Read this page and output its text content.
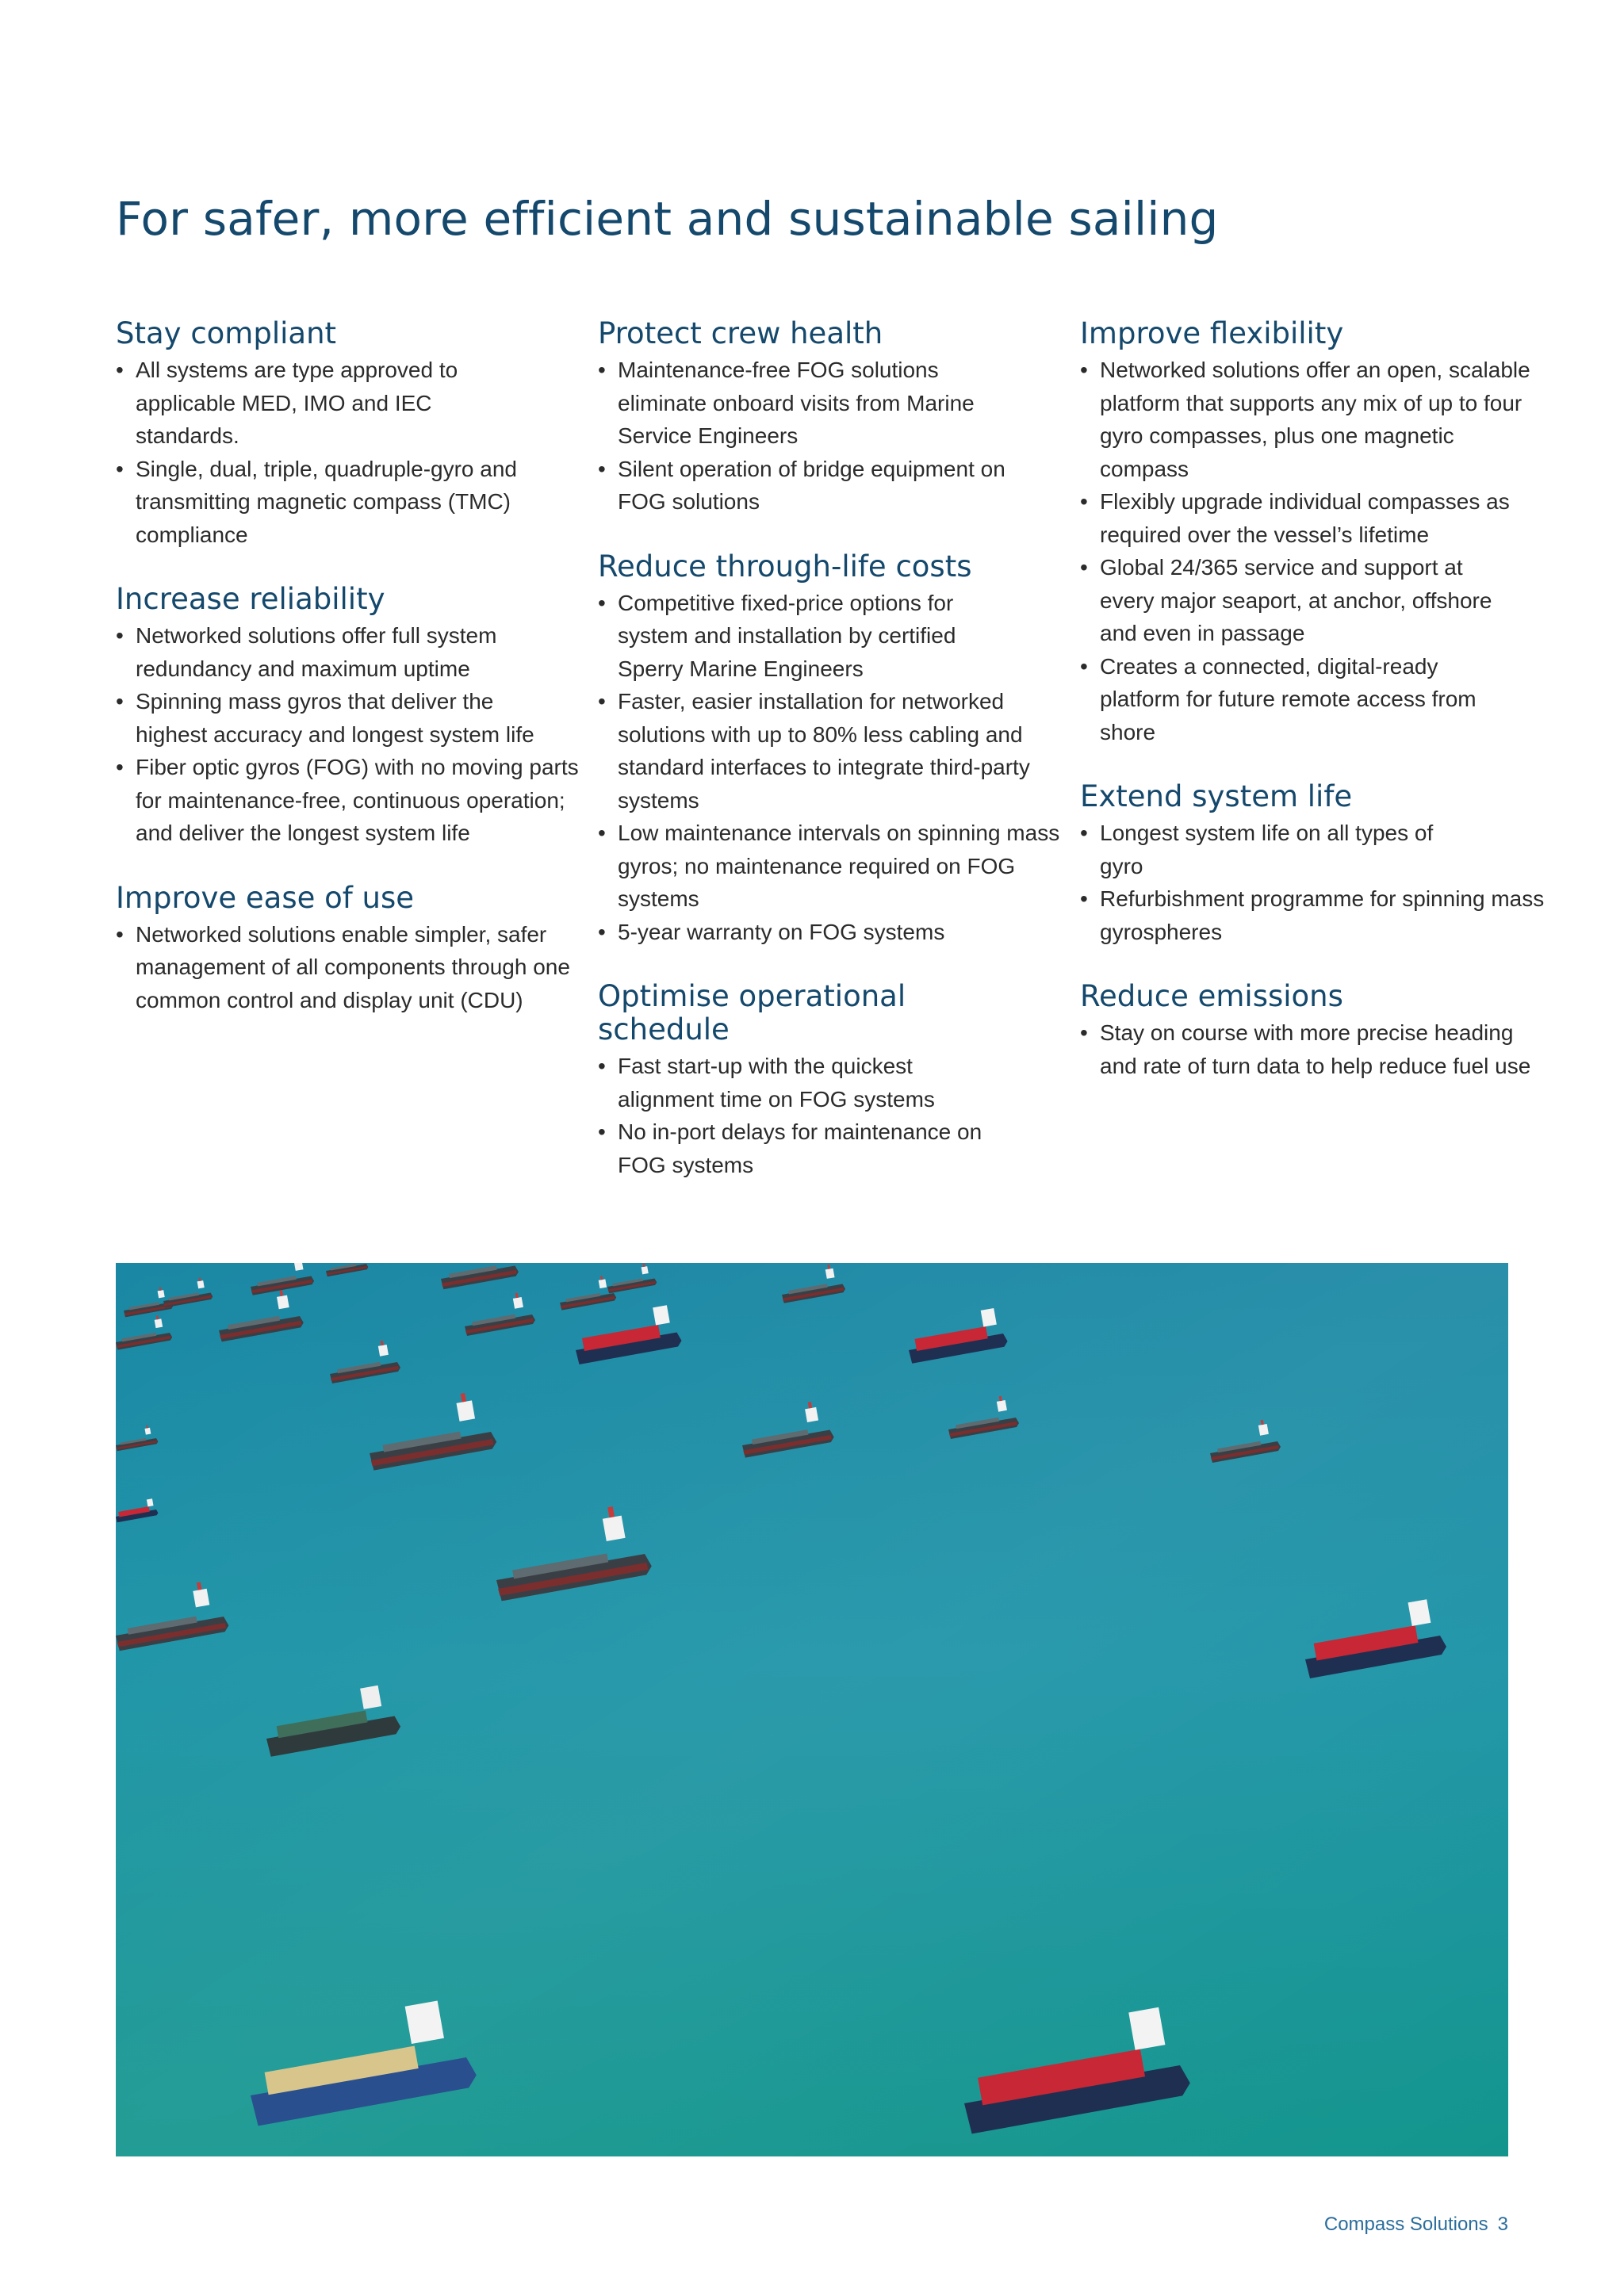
For safer, more efficient and sustainable sailing
Stay compliant
• All systems are type approved to applicable MED, IMO and IEC standards.
• Single, dual, triple, quadruple-gyro and transmitting magnetic compass (TMC) compliance
Increase reliability
• Networked solutions offer full system redundancy and maximum uptime
• Spinning mass gyros that deliver the highest accuracy and longest system life
• Fiber optic gyros (FOG) with no moving parts for maintenance-free, continuous operation; and deliver the longest system life
Improve ease of use
• Networked solutions enable simpler, safer management of all components through one common control and display unit (CDU)
Protect crew health
• Maintenance-free FOG solutions eliminate onboard visits from Marine Service Engineers
• Silent operation of bridge equipment on FOG solutions
Reduce through-life costs
• Competitive fixed-price options for system and installation by certified Sperry Marine Engineers
• Faster, easier installation for networked solutions with up to 80% less cabling and standard interfaces to integrate third-party systems
• Low maintenance intervals on spinning mass gyros; no maintenance required on FOG systems
• 5-year warranty on FOG systems
Optimise operational schedule
• Fast start-up with the quickest alignment time on FOG systems
• No in-port delays for maintenance on FOG systems
Improve flexibility
• Networked solutions offer an open, scalable platform that supports any mix of up to four gyro compasses, plus one magnetic compass
• Flexibly upgrade individual compasses as required over the vessel’s lifetime
• Global 24/365 service and support at every major seaport, at anchor, offshore and even in passage
• Creates a connected, digital-ready platform for future remote access from shore
Extend system life
• Longest system life on all types of gyro
• Refurbishment programme for spinning mass gyrospheres
Reduce emissions
• Stay on course with more precise heading and rate of turn data to help reduce fuel use
Compass Solutions 3
